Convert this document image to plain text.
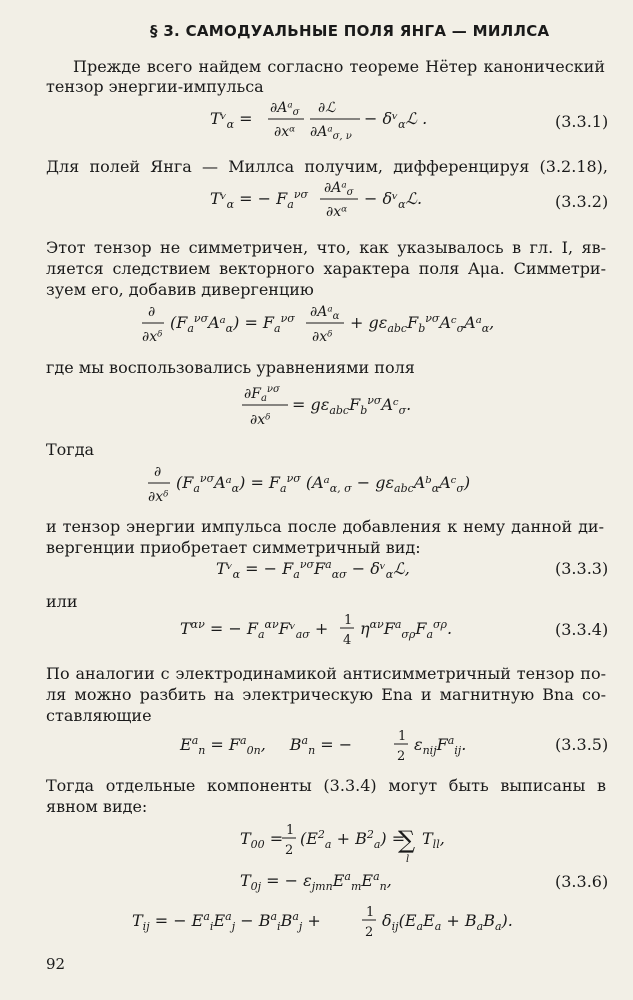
§ 3. САМОДУАЛЬНЫЕ ПОЛЯ ЯНГА — МИЛЛСА
Прежде всего найдем согласно теореме Нётер канонический
тензор энергии-импульса
Tᵛ$_\alpha$ =
∂Aᵃ$_\sigma$
∂xᵅ
∂ℒ
∂Aᵃ$_{\sigma, \nu}$
− δᵛ$_\alpha$ℒ .	(3.3.1)
Для полей Янга — Миллса получим, дифференцируя (3.2.18),
Tᵛ$_\alpha$ = − $F_a^{\nu\sigma}$ ∂Aᵃ$_\sigma$
∂xᵅ
− δᵛ$_\alpha$ℒ.	(3.3.2)
Этот тензор не симметричен, что, как указывалось в гл. I, яв-
ляется следствием векторного характера поля Aμa. Симметри-
зуем его, добавив дивергенцию
∂
∂xᵟ
$(F_a^{\nu\sigma}Aᵃ_\alpha) = F_a^{\nu\sigma}$ ∂Aᵃ$_\alpha$
∂xᵟ
+ $g\varepsilon_{abc}F_b^{\nu\sigma}Aᶜ_\sigma Aᵃ_\alpha$,
где мы воспользовались уравнениями поля
$\partial F_a^{\nu\sigma}$
∂xᵟ
= $g\varepsilon_{abc}F_b^{\nu\sigma}Aᶜ_\sigma$.
Тогда
∂
∂xᵟ
$(F_a^{\nu\sigma}Aᵃ_\alpha) = F_a^{\nu\sigma}$ (Aᵃ$_{\alpha, \sigma}$ − $g\varepsilon_{abc}Aᵇ_\alpha Aᶜ_\sigma$)
и тензор энергии импульса после добавления к нему данной ди-
вергенции приобретает симметричный вид:
Tᵛ$_\alpha$ = − $F_a^{\nu\sigma}F^a_{\alpha\sigma}$ − δᵛ$_\alpha$ℒ,	(3.3.3)
или
$T^{\alpha\nu}$ = − $F_a^{\alpha\nu}Fᵛ_{a\sigma} + 1$
4
$\eta^{\alpha\nu}F^a_{\sigma\rho}F_a^{\sigma\rho}$.	(3.3.4)
По аналогии с электродинамикой антисимметричный тензор по-
ля можно разбить на электрическую Ena и магнитную Bna со-
ставляющие
$E^a_n = F^a_{0n}$, $B^a_n$ = −	1
2
$\varepsilon_{nij}F^a_{ij}$.	(3.3.5)
Тогда отдельные компоненты (3.3.4) могут быть выписаны в
явном виде:
$T_{00} = 1$
2
$(E^2_a + B^2_a)$ =
∑
l
$T_{ll}$,
$T_{0j}$ = − $\varepsilon_{jmn}E^a_mE^a_n$,
$T_{ij}$ = − $E^a_iE^a_j - B^a_iB^a_j$ +	1
2
$\delta_{ij}(E_aE_a + B_aB_a)$.
(3.3.6)
92
